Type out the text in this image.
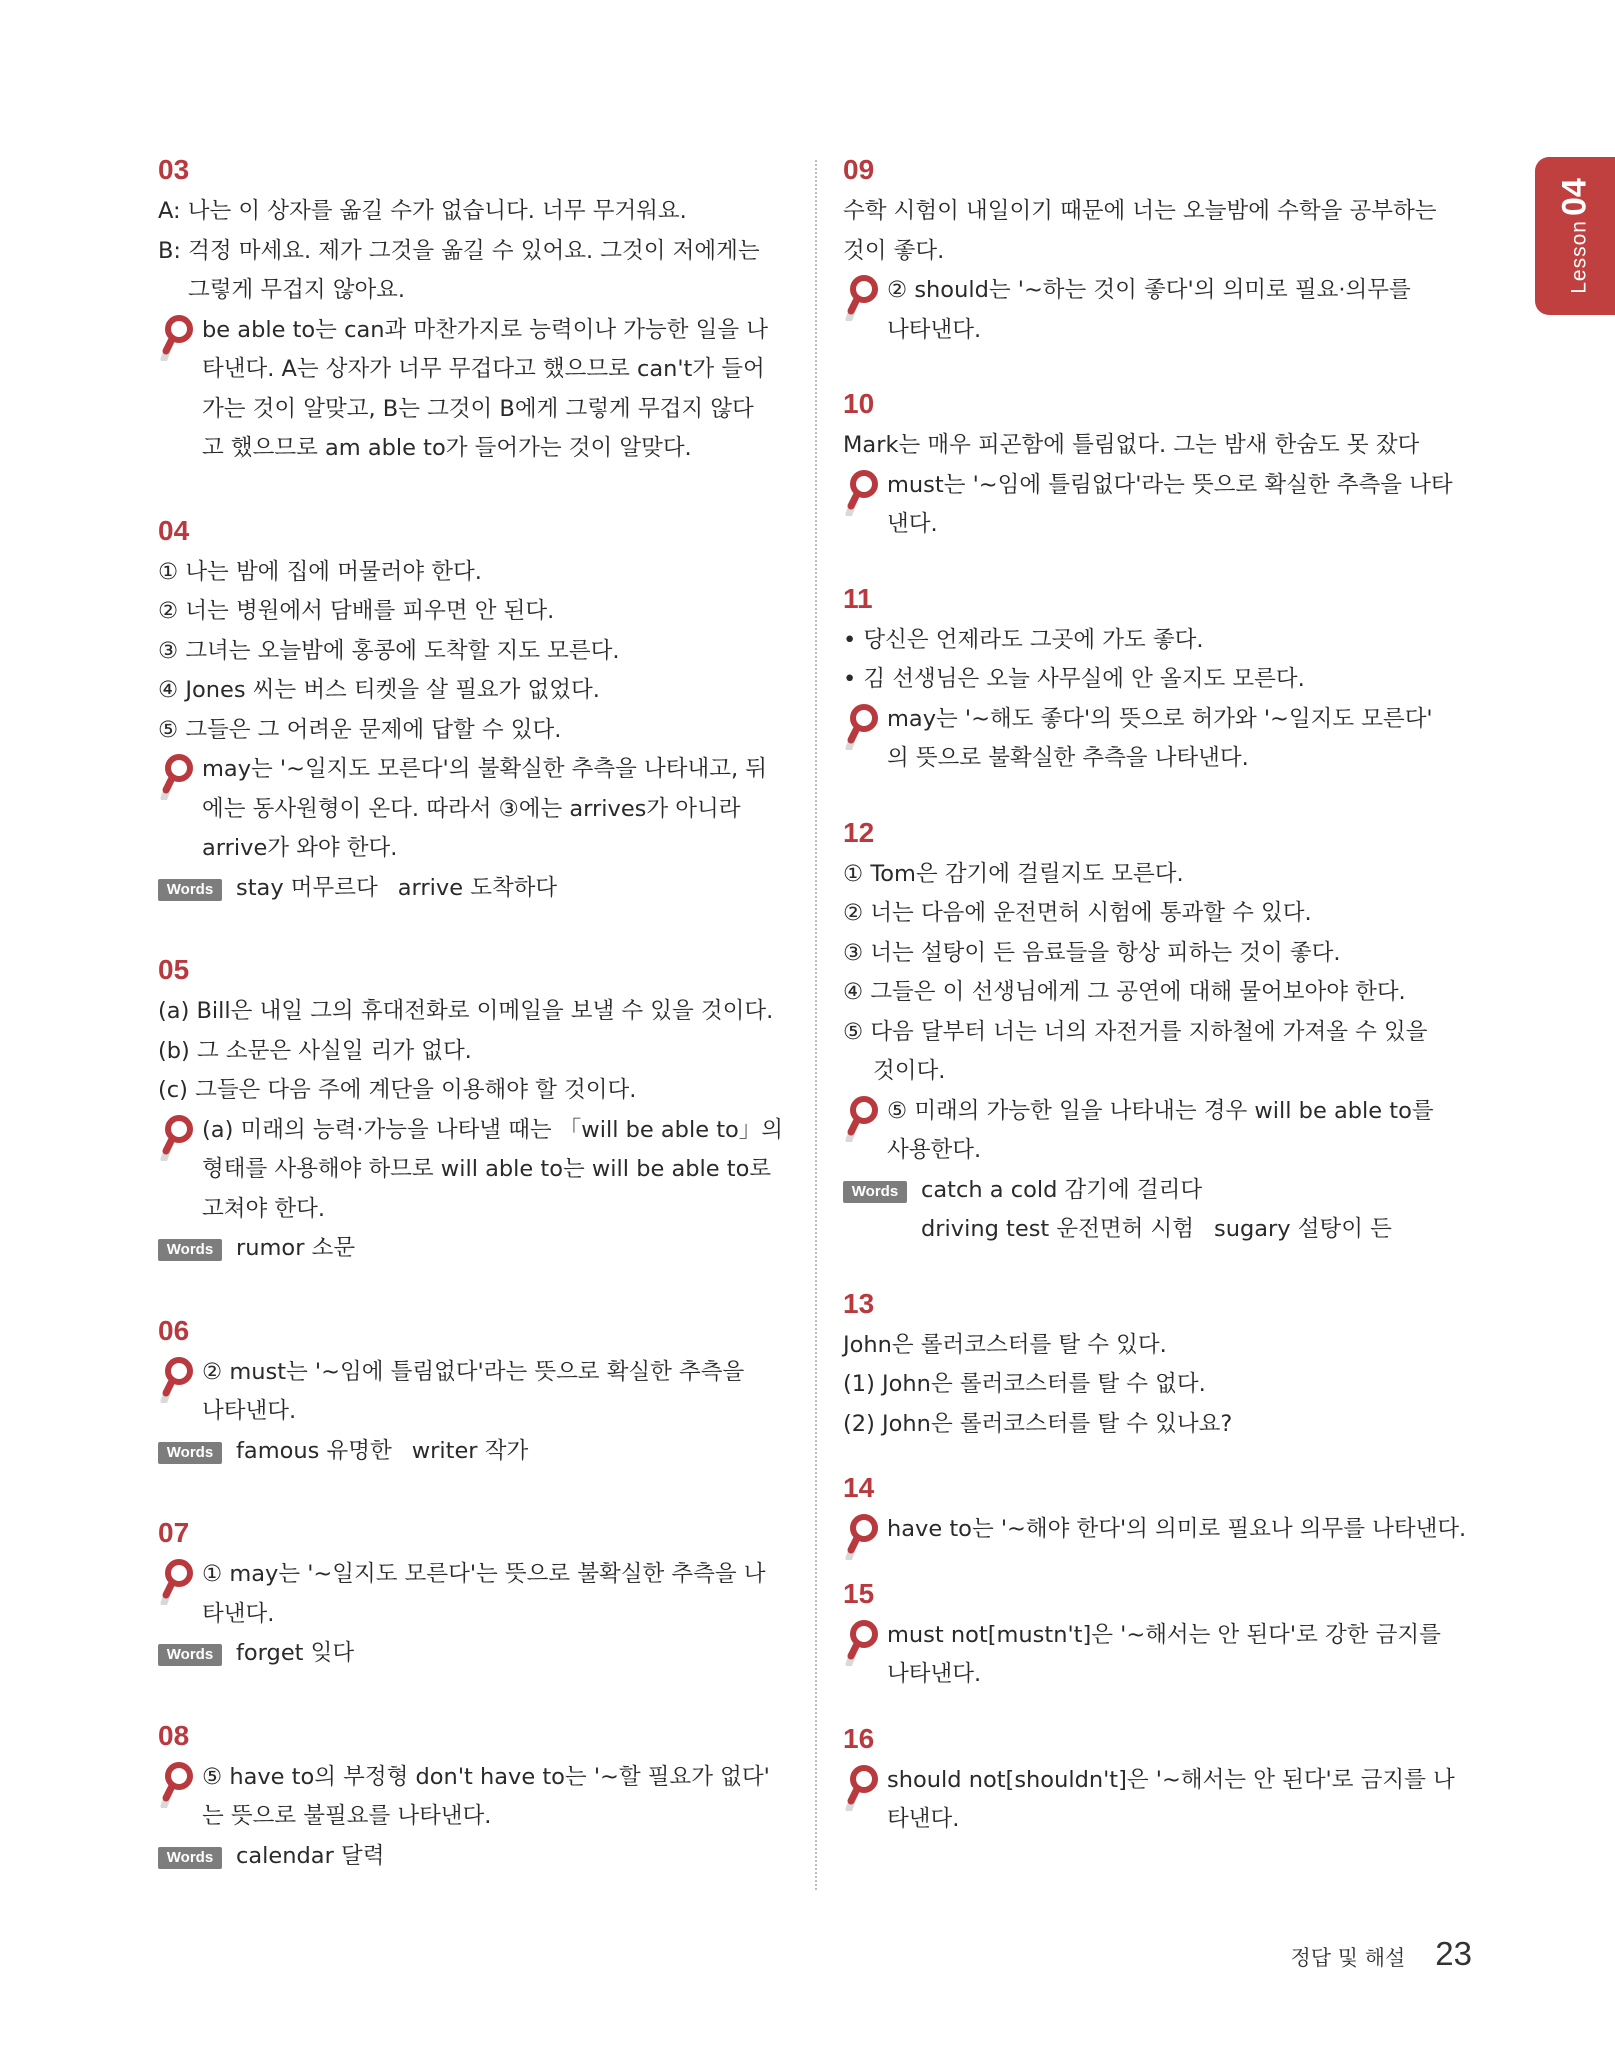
Lesson04
03
A: 나는 이 상자를 옮길 수가 없습니다. 너무 무거워요.
B: 걱정 마세요. 제가 그것을 옮길 수 있어요. 그것이 저에게는
그렇게 무겁지 않아요.
be able to는 can과 마찬가지로 능력이나 가능한 일을 나
타낸다. A는 상자가 너무 무겁다고 했으므로 can't가 들어
가는 것이 알맞고, B는 그것이 B에게 그렇게 무겁지 않다
고 했으므로 am able to가 들어가는 것이 알맞다.
04
① 나는 밤에 집에 머물러야 한다.
② 너는 병원에서 담배를 피우면 안 된다.
③ 그녀는 오늘밤에 홍콩에 도착할 지도 모른다.
④ Jones 씨는 버스 티켓을 살 필요가 없었다.
⑤ 그들은 그 어려운 문제에 답할 수 있다.
may는 '~일지도 모른다'의 불확실한 추측을 나타내고, 뒤
에는 동사원형이 온다. 따라서 ③에는 arrives가 아니라
arrive가 와야 한다.
Words	stay 머무르다 arrive 도착하다
05
(a) Bill은 내일 그의 휴대전화로 이메일을 보낼 수 있을 것이다.
(b) 그 소문은 사실일 리가 없다.
(c) 그들은 다음 주에 계단을 이용해야 할 것이다.
(a) 미래의 능력·가능을 나타낼 때는 「will be able to」의
형태를 사용해야 하므로 will able to는 will be able to로
고쳐야 한다.
Words	rumor 소문
06
② must는 '~임에 틀림없다'라는 뜻으로 확실한 추측을
나타낸다.
Words	famous 유명한 writer 작가
07
① may는 '~일지도 모른다'는 뜻으로 불확실한 추측을 나
타낸다.
Words	forget 잊다
08
⑤ have to의 부정형 don't have to는 '~할 필요가 없다'
는 뜻으로 불필요를 나타낸다.
Words	calendar 달력
09
수학 시험이 내일이기 때문에 너는 오늘밤에 수학을 공부하는
것이 좋다.
② should는 '~하는 것이 좋다'의 의미로 필요·의무를
나타낸다.
10
Mark는 매우 피곤함에 틀림없다. 그는 밤새 한숨도 못 잤다
must는 '~임에 틀림없다'라는 뜻으로 확실한 추측을 나타
낸다.
11
• 당신은 언제라도 그곳에 가도 좋다.
• 김 선생님은 오늘 사무실에 안 올지도 모른다.
may는 '~해도 좋다'의 뜻으로 허가와 '~일지도 모른다'
의 뜻으로 불확실한 추측을 나타낸다.
12
① Tom은 감기에 걸릴지도 모른다.
② 너는 다음에 운전면허 시험에 통과할 수 있다.
③ 너는 설탕이 든 음료들을 항상 피하는 것이 좋다.
④ 그들은 이 선생님에게 그 공연에 대해 물어보아야 한다.
⑤ 다음 달부터 너는 너의 자전거를 지하철에 가져올 수 있을
것이다.
⑤ 미래의 가능한 일을 나타내는 경우 will be able to를
사용한다.
Words	catch a cold 감기에 걸리다
driving test 운전면허 시험 sugary 설탕이 든
13
John은 롤러코스터를 탈 수 있다.
(1) John은 롤러코스터를 탈 수 없다.
(2) John은 롤러코스터를 탈 수 있나요?
14
have to는 '~해야 한다'의 의미로 필요나 의무를 나타낸다.
15
must not[mustn't]은 '~해서는 안 된다'로 강한 금지를
나타낸다.
16
should not[shouldn't]은 '~해서는 안 된다'로 금지를 나
타낸다.
정답 및 해설 23
